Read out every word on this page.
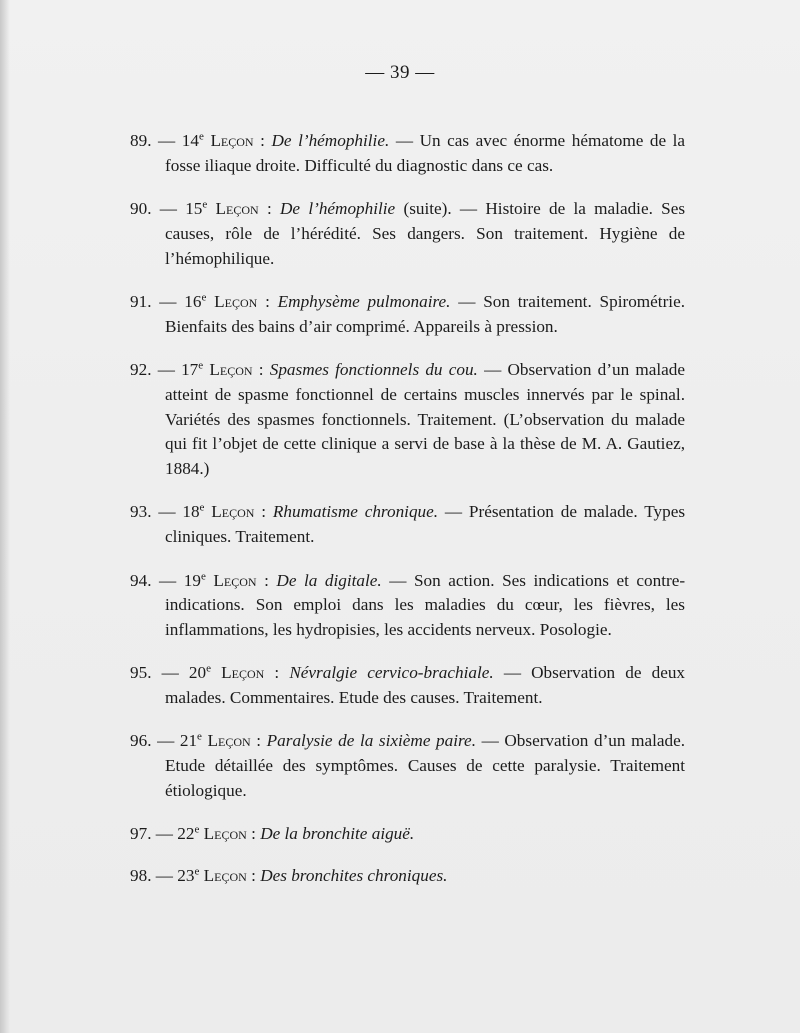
— 39 —

89. — 14e Leçon : De l’hémophilie. — Un cas avec énorme hématome de la fosse iliaque droite. Difficulté du diagnostic dans ce cas.

90. — 15e Leçon : De l’hémophilie (suite). — Histoire de la maladie. Ses causes, rôle de l’hérédité. Ses dangers. Son traitement. Hygiène de l’hémophilique.

91. — 16e Leçon : Emphysème pulmonaire. — Son traitement. Spirométrie. Bienfaits des bains d’air comprimé. Appareils à pression.

92. — 17e Leçon : Spasmes fonctionnels du cou. — Observation d’un malade atteint de spasme fonctionnel de certains muscles innervés par le spinal. Variétés des spasmes fonctionnels. Traitement. (L’observation du malade qui fit l’objet de cette clinique a servi de base à la thèse de M. A. Gautiez, 1884.)

93. — 18e Leçon : Rhumatisme chronique. — Présentation de malade. Types cliniques. Traitement.

94. — 19e Leçon : De la digitale. — Son action. Ses indications et contre-indications. Son emploi dans les maladies du cœur, les fièvres, les inflammations, les hydropisies, les accidents nerveux. Posologie.

95. — 20e Leçon : Névralgie cervico-brachiale. — Observation de deux malades. Commentaires. Etude des causes. Traitement.

96. — 21e Leçon : Paralysie de la sixième paire. — Observation d’un malade. Etude détaillée des symptômes. Causes de cette paralysie. Traitement étiologique.

97. — 22e Leçon : De la bronchite aiguë.

98. — 23e Leçon : Des bronchites chroniques.
